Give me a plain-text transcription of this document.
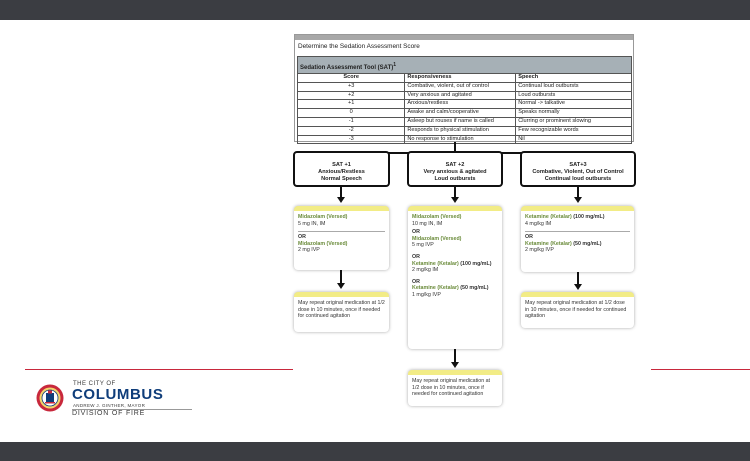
THE CITY OF
COLUMBUS
ANDREW J. GINTHER, MAYOR
DIVISION OF FIRE
Determine the Sedation Assessment Score
Sedation Assessment Tool (SAT)$^1$
Score	Responsiveness	Speech
+3	Combative, violent, out of control	Continual loud outbursts
+2	Very anxious and agitated	Loud outbursts
+1	Anxious/restless	Normal -> talkative
0	Awake and calm/cooperative	Speaks normally
-1	Asleep but rouses if name is called	Clurring or prominent slowing
-2	Responds to physical stimulation	Few recognizable words
-3	No response to stimulation	Nil
SAT +1
Anxious/Restless
Normal Speech
SAT +2
Very anxious & agitated
Loud outbursts
SAT+3
Combative, Violent, Out of Control
Continual loud outbursts
Midazolam (Versed)
5 mg IN, IM
OR
Midazolam (Versed)
2 mg IVP
Midazolam (Versed)
10 mg IN, IM
OR
Midazolam (Versed)
5 mg IVP
OR
Ketamine (Ketalar) (100 mg/mL)
2 mg/kg IM
OR
Ketamine (Ketalar) (50 mg/mL)
1 mg/kg IVP
Ketamine (Ketalar) (100 mg/mL)
4 mg/kg IM
OR
Ketamine (Ketalar) (50 mg/mL)
2 mg/kg IVP
May repeat original medication at 1/2 dose in 10 minutes, once if needed for continued agitation
May repeat original medication at 1/2 dose in 10 minutes, once if needed for continued agitation
May repeat original medication at 1/2 dose in 10 minutes, once if needed for continued agitation
